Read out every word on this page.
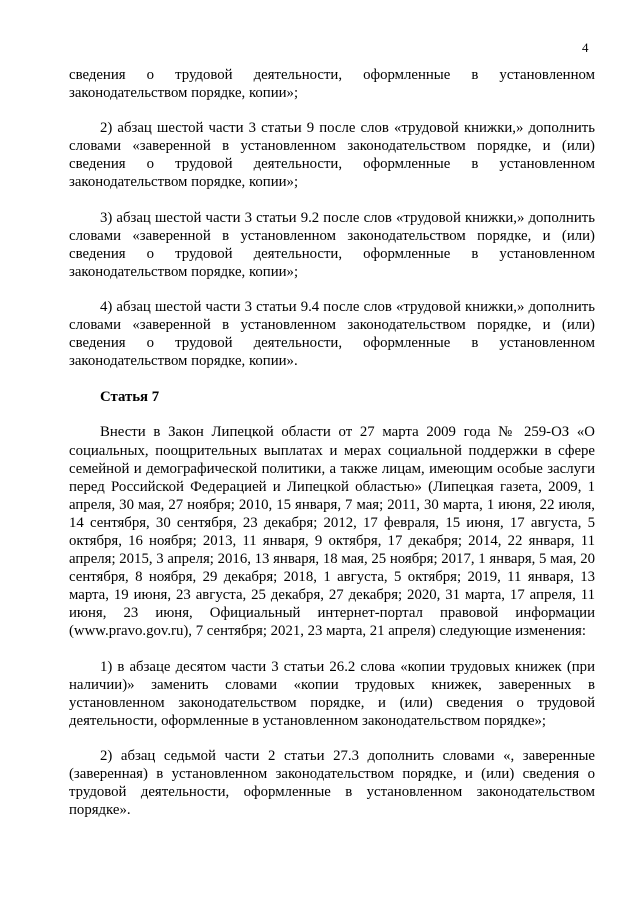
4

сведения о трудовой деятельности, оформленные в установленном законодательством порядке, копии»;

2) абзац шестой части 3 статьи 9 после слов «трудовой книжки,» дополнить словами «заверенной в установленном законодательством порядке, и (или) сведения о трудовой деятельности, оформленные в установленном законодательством порядке, копии»;

3) абзац шестой части 3 статьи 9.2 после слов «трудовой книжки,» дополнить словами «заверенной в установленном законодательством порядке, и (или) сведения о трудовой деятельности, оформленные в установленном законодательством порядке, копии»;

4) абзац шестой части 3 статьи 9.4 после слов «трудовой книжки,» дополнить словами «заверенной в установленном законодательством порядке, и (или) сведения о трудовой деятельности, оформленные в установленном законодательством порядке, копии».

Статья 7

Внести в Закон Липецкой области от 27 марта 2009 года № 259-ОЗ «О социальных, поощрительных выплатах и мерах социальной поддержки в сфере семейной и демографической политики, а также лицам, имеющим особые заслуги перед Российской Федерацией и Липецкой областью» (Липецкая газета, 2009, 1 апреля, 30 мая, 27 ноября; 2010, 15 января, 7 мая; 2011, 30 марта, 1 июня, 22 июля, 14 сентября, 30 сентября, 23 декабря; 2012, 17 февраля, 15 июня, 17 августа, 5 октября, 16 ноября; 2013, 11 января, 9 октября, 17 декабря; 2014, 22 января, 11 апреля; 2015, 3 апреля; 2016, 13 января, 18 мая, 25 ноября; 2017, 1 января, 5 мая, 20 сентября, 8 ноября, 29 декабря; 2018, 1 августа, 5 октября; 2019, 11 января, 13 марта, 19 июня, 23 августа, 25 декабря, 27 декабря; 2020, 31 марта, 17 апреля, 11 июня, 23 июня, Официальный интернет-портал правовой информации (www.pravo.gov.ru), 7 сентября; 2021, 23 марта, 21 апреля) следующие изменения:

1) в абзаце десятом части 3 статьи 26.2 слова «копии трудовых книжек (при наличии)» заменить словами «копии трудовых книжек, заверенных в установленном законодательством порядке, и (или) сведения о трудовой деятельности, оформленные в установленном законодательством порядке»;

2) абзац седьмой части 2 статьи 27.3 дополнить словами «, заверенные (заверенная) в установленном законодательством порядке, и (или) сведения о трудовой деятельности, оформленные в установленном законодательством порядке».
